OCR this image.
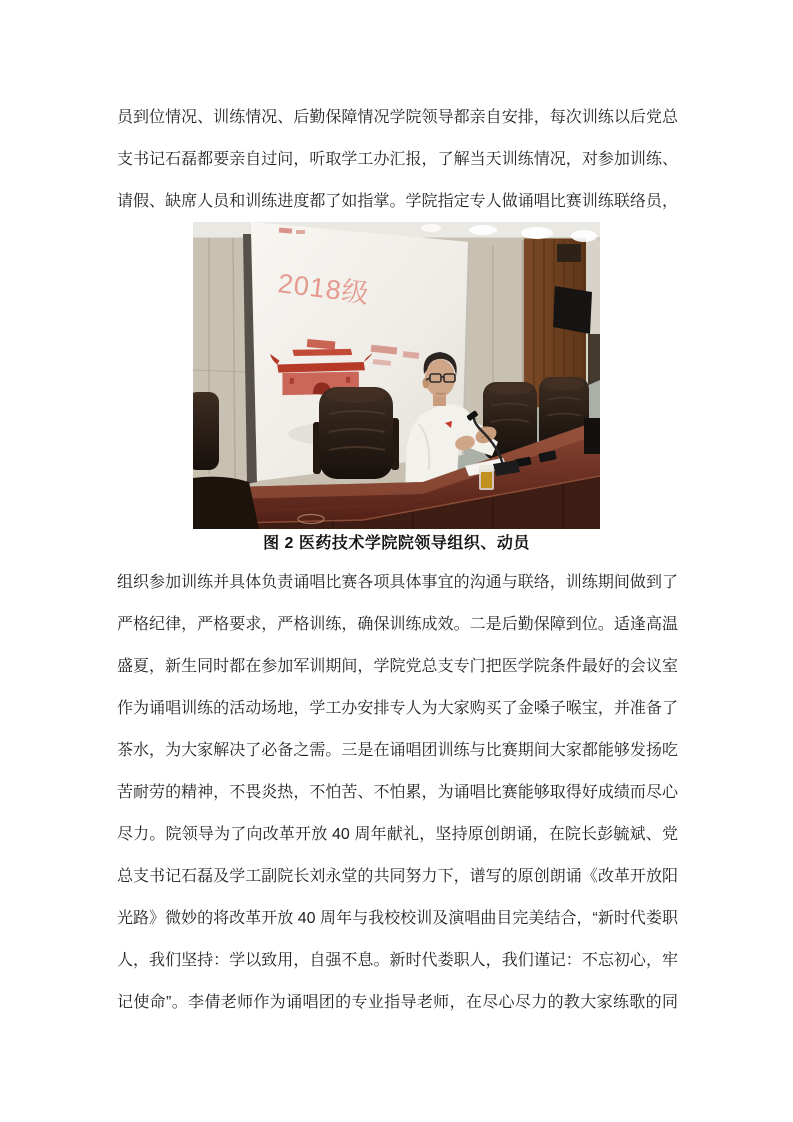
员到位情况、训练情况、后勤保障情况学院领导都亲自安排，每次训练以后党总
支书记石磊都要亲自过问，听取学工办汇报，了解当天训练情况，对参加训练、
请假、缺席人员和训练进度都了如指掌。学院指定专人做诵唱比赛训练联络员，
2018级
图 2 医药技术学院院领导组织、动员
组织参加训练并具体负责诵唱比赛各项具体事宜的沟通与联络，训练期间做到了
严格纪律，严格要求，严格训练，确保训练成效。二是后勤保障到位。适逢高温
盛夏，新生同时都在参加军训期间，学院党总支专门把医学院条件最好的会议室
作为诵唱训练的活动场地，学工办安排专人为大家购买了金嗓子喉宝，并准备了
茶水，为大家解决了必备之需。三是在诵唱团训练与比赛期间大家都能够发扬吃
苦耐劳的精神，不畏炎热，不怕苦、不怕累，为诵唱比赛能够取得好成绩而尽心
尽力。院领导为了向改革开放 40 周年献礼，坚持原创朗诵，在院长彭毓斌、党
总支书记石磊及学工副院长刘永堂的共同努力下，谱写的原创朗诵《改革开放阳
光路》微妙的将改革开放 40 周年与我校校训及演唱曲目完美结合，“新时代娄职
人，我们坚持：学以致用，自强不息。新时代娄职人，我们谨记：不忘初心，牢
记使命”。李倩老师作为诵唱团的专业指导老师，在尽心尽力的教大家练歌的同
